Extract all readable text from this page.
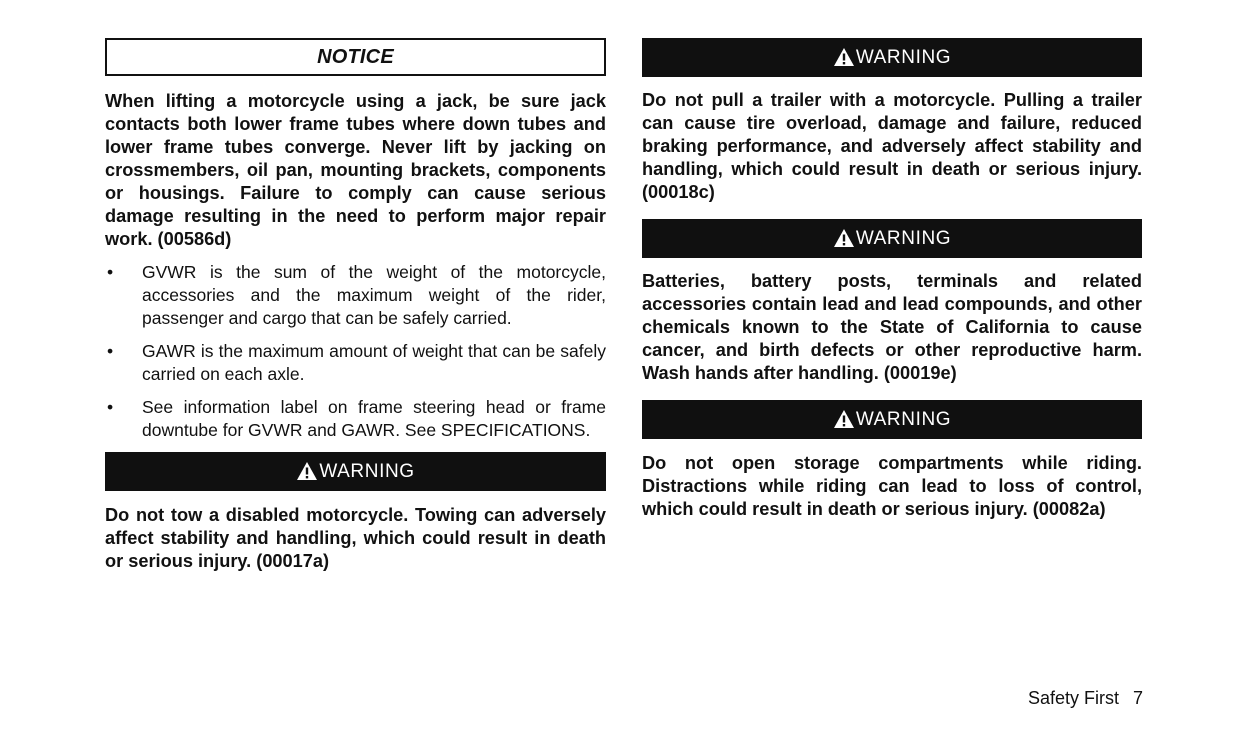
NOTICE

When lifting a motorcycle using a jack, be sure jack contacts both lower frame tubes where down tubes and lower frame tubes converge. Never lift by jacking on crossmembers, oil pan, mounting brackets, components or housings. Failure to comply can cause serious damage resulting in the need to perform major repair work. (00586d)

• GVWR is the sum of the weight of the motorcycle, accessories and the maximum weight of the rider, passenger and cargo that can be safely carried.
• GAWR is the maximum amount of weight that can be safely carried on each axle.
• See information label on frame steering head or frame downtube for GVWR and GAWR. See SPECIFICATIONS.
WARNING

Do not tow a disabled motorcycle. Towing can adversely affect stability and handling, which could result in death or serious injury. (00017a)

WARNING

Do not pull a trailer with a motorcycle. Pulling a trailer can cause tire overload, damage and failure, reduced braking performance, and adversely affect stability and handling, which could result in death or serious injury. (00018c)

WARNING

Batteries, battery posts, terminals and related accessories contain lead and lead compounds, and other chemicals known to the State of California to cause cancer, and birth defects or other reproductive harm. Wash hands after handling. (00019e)

WARNING

Do not open storage compartments while riding. Distractions while riding can lead to loss of control, which could result in death or serious injury. (00082a)

Safety First 7
